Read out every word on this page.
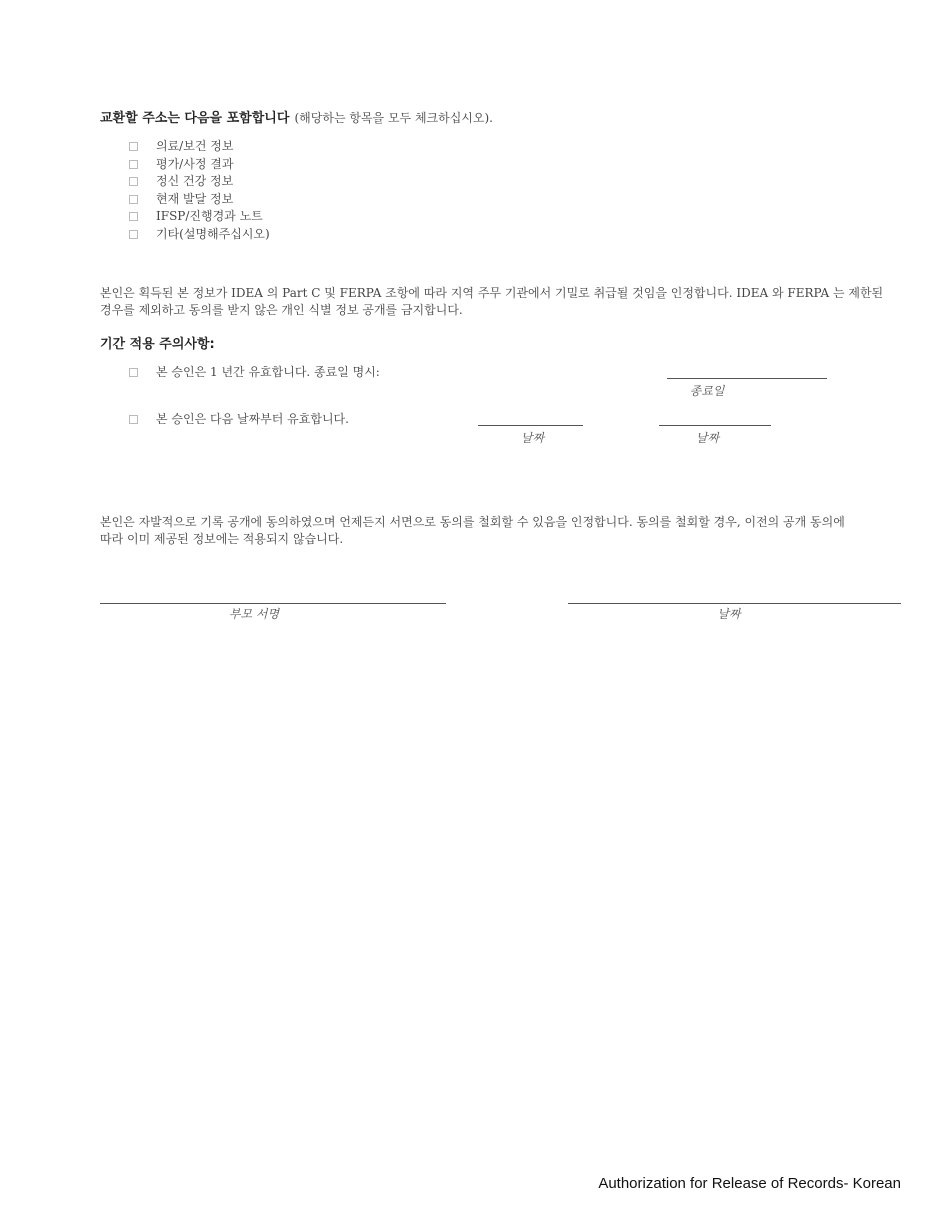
교환할 주소는 다음을 포함합니다 (해당하는 항목을 모두 체크하십시오).
의료/보건 정보
평가/사정 결과
정신 건강 정보
현재 발달 정보
IFSP/진행경과 노트
기타(설명해주십시오)
본인은 획득된 본 정보가 IDEA 의 Part C 및 FERPA 조항에 따라 지역 주무 기관에서 기밀로 취급될 것임을 인정합니다. IDEA 와 FERPA 는 제한된
경우를 제외하고 동의를 받지 않은 개인 식별 정보 공개를 금지합니다.
기간 적용 주의사항:
본 승인은 1 년간 유효합니다. 종료일 명시:
종료일
본 승인은 다음 날짜부터 유효합니다.
날짜	날짜
본인은 자발적으로 기록 공개에 동의하였으며 언제든지 서면으로 동의를 철회할 수 있음을 인정합니다. 동의를 철회할 경우, 이전의 공개 동의에
따라 이미 제공된 정보에는 적용되지 않습니다.
부모 서명	날짜
Authorization for Release of Records- Korean
